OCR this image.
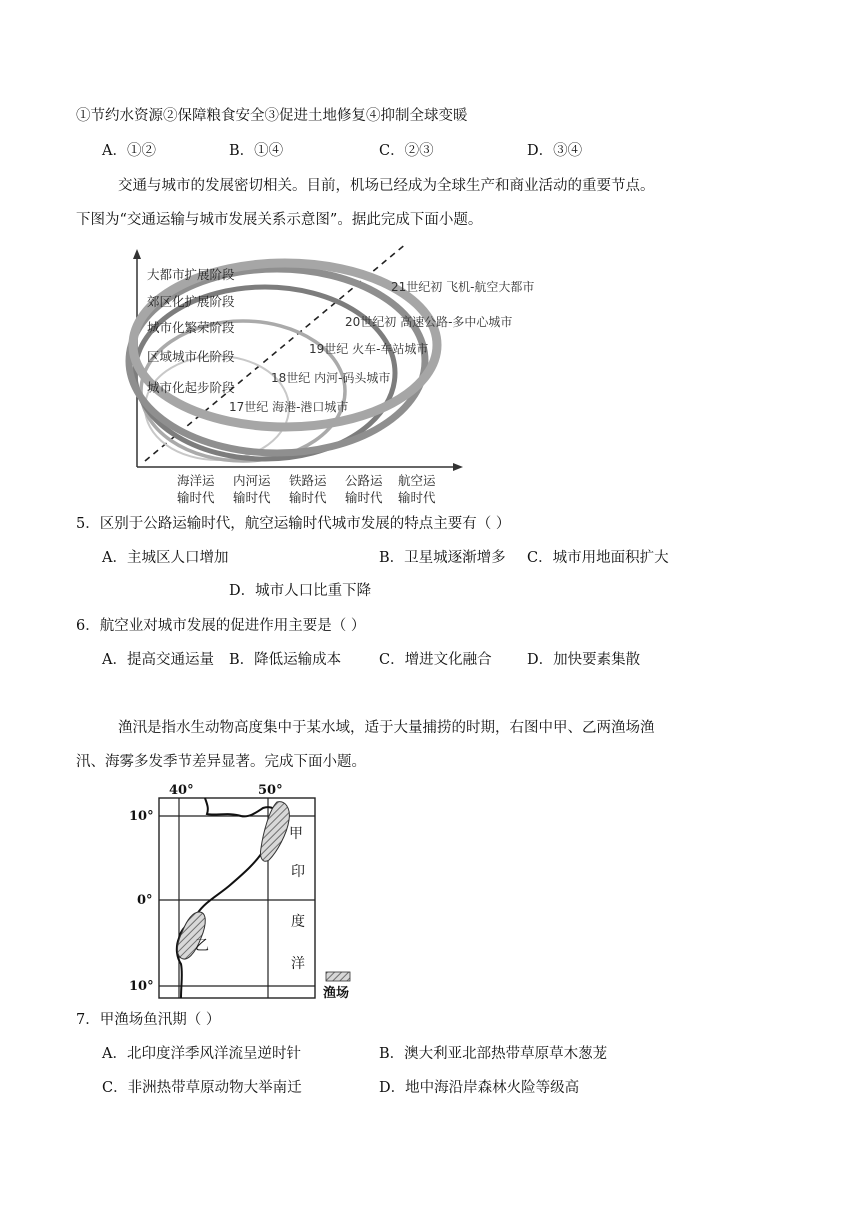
①节约水资源②保障粮食安全③促进土地修复④抑制全球变暖
A．①②	B．①④	C．②③	D．③④
交通与城市的发展密切相关。目前，机场已经成为全球生产和商业活动的重要节点。
下图为“交通运输与城市发展关系示意图”。据此完成下面小题。
大都市扩展阶段
郊区化扩展阶段
城市化繁荣阶段
区域城市化阶段
城市化起步阶段
21世纪初 飞机-航空大都市
20世纪初 高速公路-多中心城市
19世纪 火车-车站城市
18世纪 内河-码头城市
17世纪 海港-港口城市
海洋运
输时代
内河运
输时代
铁路运
输时代
公路运
输时代
航空运
输时代
5．区别于公路运输时代，航空运输时代城市发展的特点主要有（ ）
A．主城区人口增加	B．卫星城逐渐增多 C．城市用地面积扩大
D．城市人口比重下降
6．航空业对城市发展的促进作用主要是（ ）
A．提高交通运量 B．降低运输成本	C．增进文化融合 D．加快要素集散
渔汛是指水生动物高度集中于某水域，适于大量捕捞的时期，右图中甲、乙两渔场渔
汛、海雾多发季节差异显著。完成下面小题。
40°	50°
10°
0°
10°
甲
印
度
洋
乙
渔场
7．甲渔场鱼汛期（ ）
A．北印度洋季风洋流呈逆时针	B．澳大利亚北部热带草原草木葱茏
C．非洲热带草原动物大举南迁	D．地中海沿岸森林火险等级高
